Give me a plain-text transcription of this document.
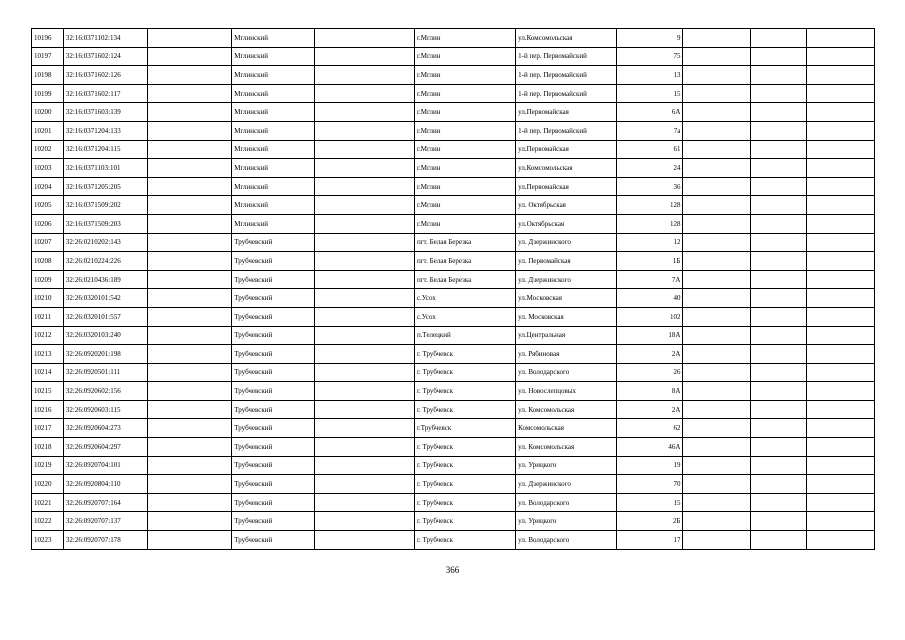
10196	32:16:0371102:134		Мглинский		г.Мглин	ул.Комсомольская	9			
10197	32:16:0371602:124		Мглинский		г.Мглин	1-й пер. Первомайский	75			
10198	32:16:0371602:126		Мглинский		г.Мглин	1-й пер. Первомайский	13			
10199	32:16:0371602:117		Мглинский		г.Мглин	1-й пер. Первомайский	15			
10200	32:16:0371603:139		Мглинский		г.Мглин	ул.Первомайская	6А			
10201	32:16:0371204:133		Мглинский		г.Мглин	1-й пер. Первомайский	7а			
10202	32:16:0371204:115		Мглинский		г.Мглин	ул.Первомайская	61			
10203	32:16:0371103:101		Мглинский		г.Мглин	ул.Комсомольская	24			
10204	32:16:0371205:205		Мглинский		г.Мглин	ул.Первомайская	36			
10205	32:16:0371509:202		Мглинский		г.Мглин	ул. Октябрьская	128			
10206	32:16:0371509:203		Мглинский		г.Мглин	ул.Октябрьская	128			
10207	32:26:0210202:143		Трубчевский		пгт. Белая Березка	ул. Дзержинского	12			
10208	32:26:0210224:226		Трубчевский		пгт. Белая Березка	ул. Первомайская	1Б			
10209	32:26:0210436:189		Трубчевский		пгт. Белая Березка	ул. Дзержинского	7А			
10210	32:26:0320101:542		Трубчевский		с.Усох	ул.Московская	40			
10211	32:26:0320101:557		Трубчевский		с.Усох	ул. Московская	102			
10212	32:26:0320103:240		Трубчевский		п.Телецкий	ул.Центральная	18А			
10213	32:26:0920201:198		Трубчевский		г. Трубчевск	ул. Рябиновая	2А			
10214	32:26:0920501:111		Трубчевский		г. Трубчевск	ул. Володарского	26			
10215	32:26:0920602:156		Трубчевский		г. Трубчевск	ул. Новослепцовых	8А			
10216	32:26:0920603:115		Трубчевский		г. Трубчевск	ул. Комсомольская	2А			
10217	32:26:0920604:273		Трубчевский		г.Трубчевск	Комсомольская	62			
10218	32:26:0920604:297		Трубчевский		г. Трубчевск	ул. Комсомольская	46А			
10219	32:26:0920704:101		Трубчевский		г. Трубчевск	ул. Урицкого	19			
10220	32:26:0920804:110		Трубчевский		г. Трубчевск	ул. Дзержинского	70			
10221	32:26:0920707:164		Трубчевский		г. Трубчевск	ул. Володарского	15			
10222	32:26:0920707:137		Трубчевский		г. Трубчевск	ул. Урицкого	2Б			
10223	32:26:0920707:178		Трубчевский		г. Трубчевск	ул. Володарского	17			
366
